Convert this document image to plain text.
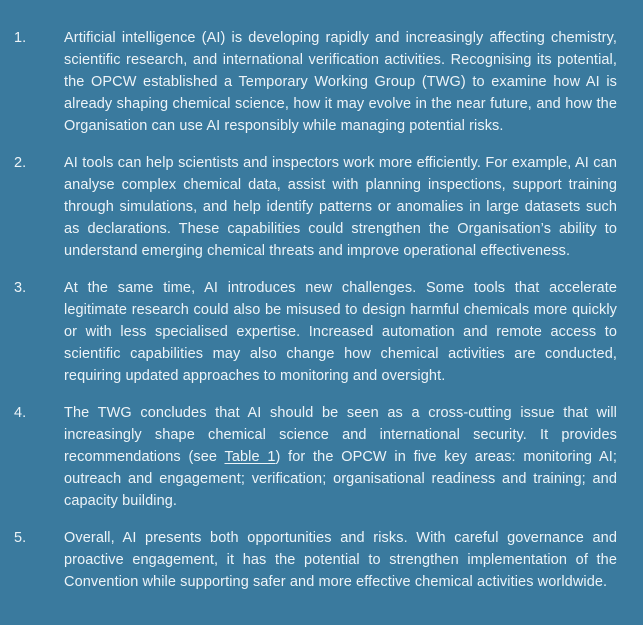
1.	Artificial intelligence (AI) is developing rapidly and increasingly affecting chemistry, scientific research, and international verification activities. Recognising its potential, the OPCW established a Temporary Working Group (TWG) to examine how AI is already shaping chemical science, how it may evolve in the near future, and how the Organisation can use AI responsibly while managing potential risks.

2.	AI tools can help scientists and inspectors work more efficiently. For example, AI can analyse complex chemical data, assist with planning inspections, support training through simulations, and help identify patterns or anomalies in large datasets such as declarations. These capabilities could strengthen the Organisation’s ability to understand emerging chemical threats and improve operational effectiveness.

3.	At the same time, AI introduces new challenges. Some tools that accelerate legitimate research could also be misused to design harmful chemicals more quickly or with less specialised expertise. Increased automation and remote access to scientific capabilities may also change how chemical activities are conducted, requiring updated approaches to monitoring and oversight.

4.	The TWG concludes that AI should be seen as a cross-cutting issue that will increasingly shape chemical science and international security. It provides recommendations (see Table 1) for the OPCW in five key areas: monitoring AI; outreach and engagement; verification; organisational readiness and training; and capacity building.

5.	Overall, AI presents both opportunities and risks. With careful governance and proactive engagement, it has the potential to strengthen implementation of the Convention while supporting safer and more effective chemical activities worldwide.
